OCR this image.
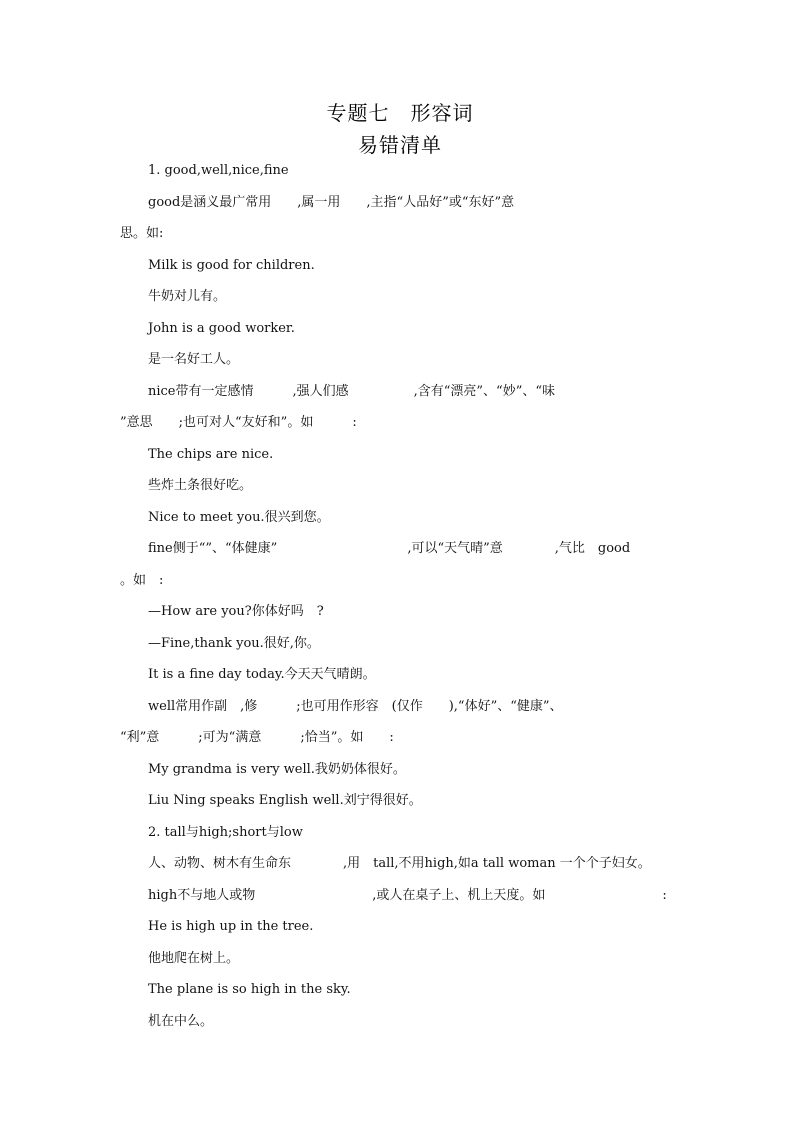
专题七　形容词
易错清单
1. good,well,nice,fine
good是涵义最广常用　　,属一用　　,主指“人品好”或“东好”意
思。如:
Milk is good for children.
牛奶对儿有。
John is a good worker.
是一名好工人。
nice带有一定感情　　　,强人们感　　　　　,含有“漂亮”、“妙”、“味
”意思　　;也可对人“友好和”。如　　　:
The chips are nice.
些炸土条很好吃。
Nice to meet you.很兴到您。
fine侧于“”、“体健康”　　　　　　　　　　,可以“天气晴”意　　　　,气比　good
。如　:
—How are you?你体好吗　?
—Fine,thank you.很好,你。
It is a fine day today.今天天气晴朗。
well常用作副　,修　　　;也可用作形容　(仅作　　),“体好”、“健康”、
“利”意　　　;可为“满意　　　;恰当”。如　　:
My grandma is very well.我奶奶体很好。
Liu Ning speaks English well.刘宁得很好。
2. tall与high;short与low
人、动物、树木有生命东　　　　,用　tall,不用high,如a tall woman 一个个子妇女。
high不与地人或物　　　　　　　　　,或人在桌子上、机上天度。如　　　　　　　　　:
He is high up in the tree.
他地爬在树上。
The plane is so high in the sky.
机在中么。
